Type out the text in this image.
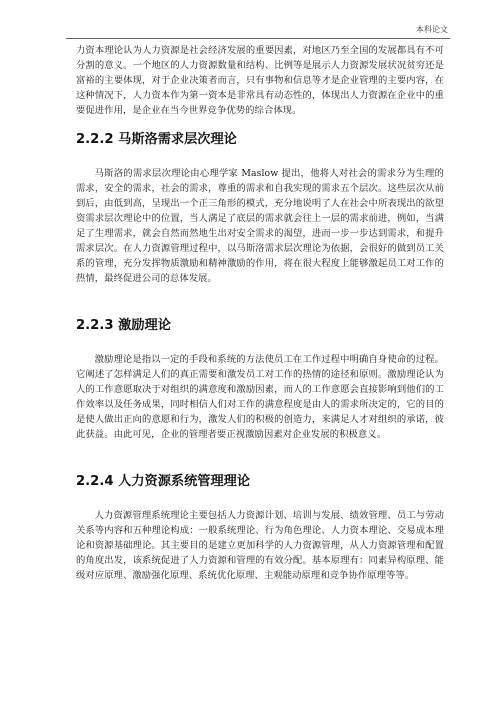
本科论文

力资本理论认为人力资源是社会经济发展的重要因素，对地区乃至全国的发展都具有不可分割的意义。一个地区的人力资源数量和结构、比例等是展示人力资源发展状况贫穷还是富裕的主要体现，对于企业决策者而言，只有事物和信息等才是企业管理的主要内容，在这种情况下，人力资本作为第一资本是非常具有动态性的，体现出人力资源在企业中的重要促进作用，是企业在当今世界竞争优势的综合体现。

2.2.2 马斯洛需求层次理论

马斯洛的需求层次理论由心理学家 Maslow 提出，他将人对社会的需求分为生理的需求，安全的需求，社会的需求，尊重的需求和自我实现的需求五个层次。这些层次从前到后，由低到高，呈现出一个正三角形的模式，充分地说明了人在社会中所表现出的欲望资需求层次理论中的位置，当人满足了底层的需求就会往上一层的需求前进，例如，当满足了生理需求，就会自然而然地生出对安全需求的渴望，进而一步一步达到需求，和提升需求层次。在人力资源管理过程中，以马斯洛需求层次理论为依据，会很好的做到员工关系的管理，充分发挥物质激励和精神激励的作用，将在很大程度上能够激起员工对工作的热情，最终促进公司的总体发展。

2.2.3 激励理论

激励理论是指以一定的手段和系统的方法使员工在工作过程中明确自身使命的过程。它阐述了怎样满足人们的真正需要和激发员工对工作的热情的途径和原则。激励理论认为人的工作意愿取决于对组织的满意度和激励因素，而人的工作意愿会直接影响到他们的工作效率以及任务成果，同时相信人们对工作的满意程度是由人的需求所决定的，它的目的是使人做出正向的意愿和行为，激发人们的积极的创造力，来满足人才对组织的承诺，彼此获益。由此可见，企业的管理者要正视激励因素对企业发展的积极意义。

2.2.4 人力资源系统管理理论

人力资源管理系统理论主要包括人力资源计划、培训与发展、绩效管理、员工与劳动关系等内容和五种理论构成：一般系统理论、行为角色理论、人力资本理论、交易成本理论和资源基础理论。其主要目的是建立更加科学的人力资源管理，从人力资源管理和配置的角度出发，该系统促进了人力资源和管理的有效分配。基本原理有：同素异构原理、能级对应原理、激励强化原理、系统优化原理、主观能动原理和竞争协作原理等等。
